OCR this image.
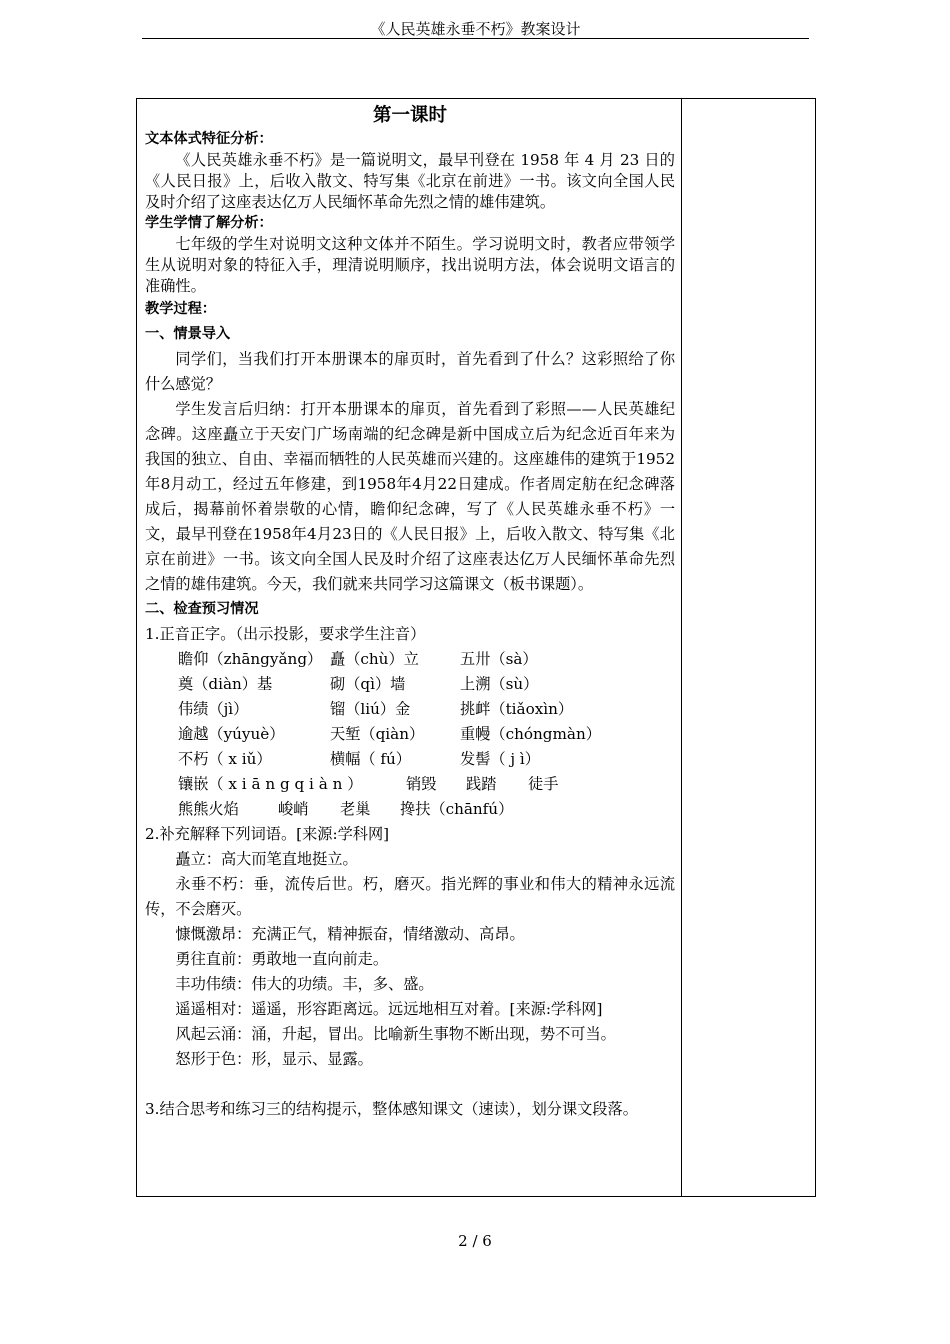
《人民英雄永垂不朽》教案设计

第一课时

文本体式特征分析：

《人民英雄永垂不朽》是一篇说明文，最早刊登在 1958 年 4 月 23 日的《人民日报》上，后收入散文、特写集《北京在前进》一书。该文向全国人民及时介绍了这座表达亿万人民缅怀革命先烈之情的雄伟建筑。

学生学情了解分析：

七年级的学生对说明文这种文体并不陌生。学习说明文时，教者应带领学生从说明对象的特征入手，理清说明顺序，找出说明方法，体会说明文语言的准确性。

教学过程：

一、情景导入

同学们，当我们打开本册课本的扉页时，首先看到了什么？这彩照给了你什么感觉？

学生发言后归纳：打开本册课本的扉页，首先看到了彩照——人民英雄纪念碑。这座矗立于天安门广场南端的纪念碑是新中国成立后为纪念近百年来为我国的独立、自由、幸福而牺牲的人民英雄而兴建的。这座雄伟的建筑于1952年8月动工，经过五年修建，到1958年4月22日建成。作者周定舫在纪念碑落成后，揭幕前怀着崇敬的心情，瞻仰纪念碑，写了《人民英雄永垂不朽》一文，最早刊登在1958年4月23日的《人民日报》上，后收入散文、特写集《北京在前进》一书。该文向全国人民及时介绍了这座表达亿万人民缅怀革命先烈之情的雄伟建筑。今天，我们就来共同学习这篇课文（板书课题）。

二、检查预习情况

1.正音正字。（出示投影，要求学生注音）

瞻仰（zhāngyǎng） 矗（chù）立	五卅（sà）
奠（diàn）基	砌（qì）墙	上溯（sù）
伟绩（jì）	镏（liú）金	挑衅（tiǎoxìn）
逾越（yúyuè）	天堑（qiàn）	重幔（chóngmàn）
不朽（ x iǔ）	横幅（ fú）	发髻（ j ì）
镶嵌（ x i ā n g q i à n ）	销毁	践踏	徒手
熊熊火焰	峻峭	老巢	搀扶（chānfú）

2.补充解释下列词语。[来源:学科网]

矗立：高大而笔直地挺立。

永垂不朽：垂，流传后世。朽，磨灭。指光辉的事业和伟大的精神永远流传，不会磨灭。

慷慨激昂：充满正气，精神振奋，情绪激动、高昂。

勇往直前：勇敢地一直向前走。

丰功伟绩：伟大的功绩。丰，多、盛。

遥遥相对：遥遥，形容距离远。远远地相互对着。[来源:学科网]

风起云涌：涌，升起，冒出。比喻新生事物不断出现，势不可当。

怒形于色：形，显示、显露。

3.结合思考和练习三的结构提示，整体感知课文（速读），划分课文段落。

2 / 6
